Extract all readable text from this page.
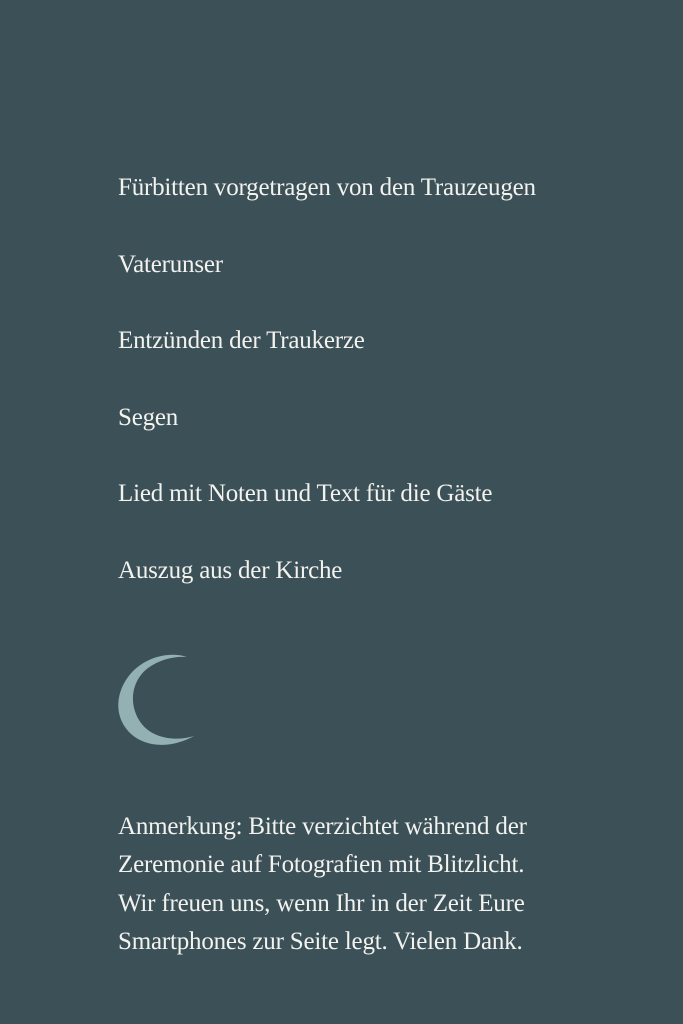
Fürbitten vorgetragen von den Trauzeugen
Vaterunser
Entzünden der Traukerze
Segen
Lied mit Noten und Text für die Gäste
Auszug aus der Kirche

Anmerkung: Bitte verzichtet während der
Zeremonie auf Fotografien mit Blitzlicht.
Wir freuen uns, wenn Ihr in der Zeit Eure
Smartphones zur Seite legt. Vielen Dank.
